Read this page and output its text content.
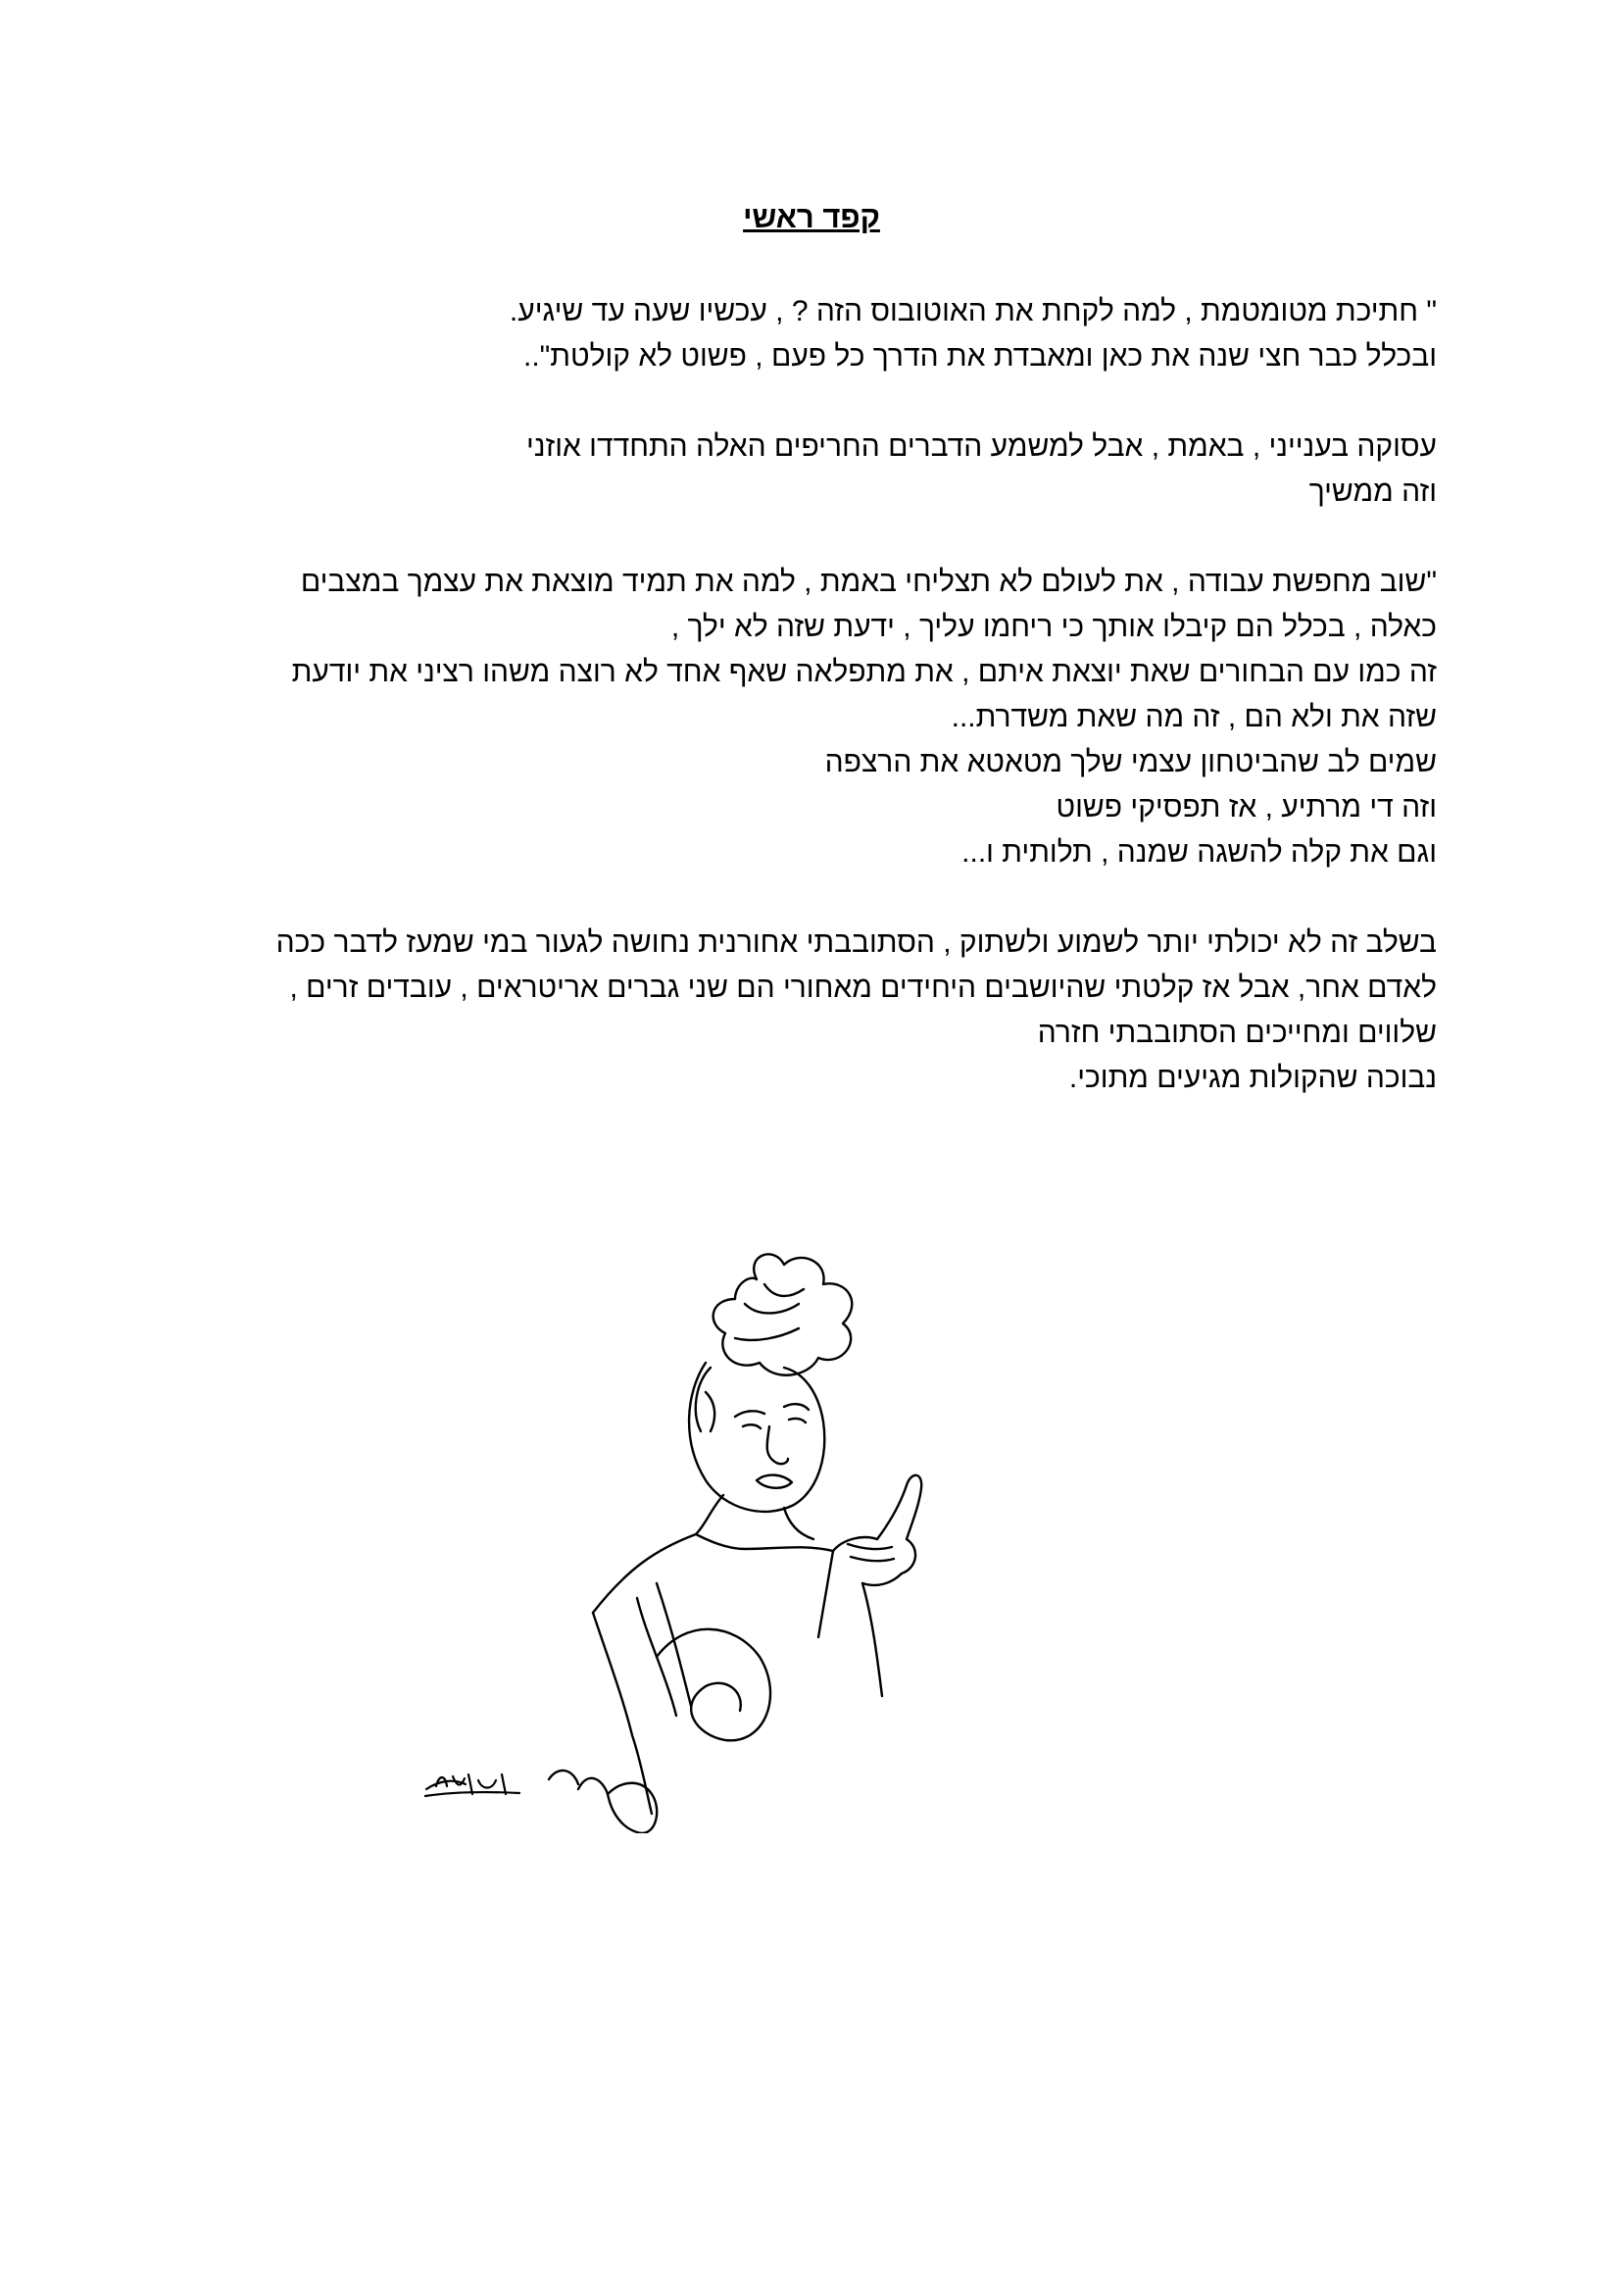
קפד ראשי
" חתיכת מטומטמת , למה לקחת את האוטובוס הזה ? , עכשיו שעה עד שיגיע.
ובכלל כבר חצי שנה את כאן ומאבדת את הדרך כל פעם , פשוט לא קולטת"..
עסוקה בענייני , באמת , אבל למשמע הדברים החריפים האלה התחדדו אוזני
וזה ממשיך
"שוב מחפשת עבודה , את לעולם לא תצליחי באמת , למה את תמיד מוצאת את עצמך במצבים
כאלה , בכלל הם קיבלו אותך כי ריחמו עליך , ידעת שזה לא ילך ,
זה כמו עם הבחורים שאת יוצאת איתם , את מתפלאה שאף אחד לא רוצה משהו רציני את יודעת
שזה את ולא הם , זה מה שאת משדרת...
שמים לב שהביטחון עצמי שלך מטאטא את הרצפה
וזה די מרתיע , אז תפסיקי פשוט
וגם את קלה להשגה שמנה , תלותית ו...
בשלב זה לא יכולתי יותר לשמוע ולשתוק , הסתובבתי אחורנית נחושה לגעור במי שמעז לדבר ככה
לאדם אחר, אבל אז קלטתי שהיושבים היחידים מאחורי הם שני גברים אריטראים , עובדים זרים ,
שלווים ומחייכים הסתובבתי חזרה
נבוכה שהקולות מגיעים מתוכי.
